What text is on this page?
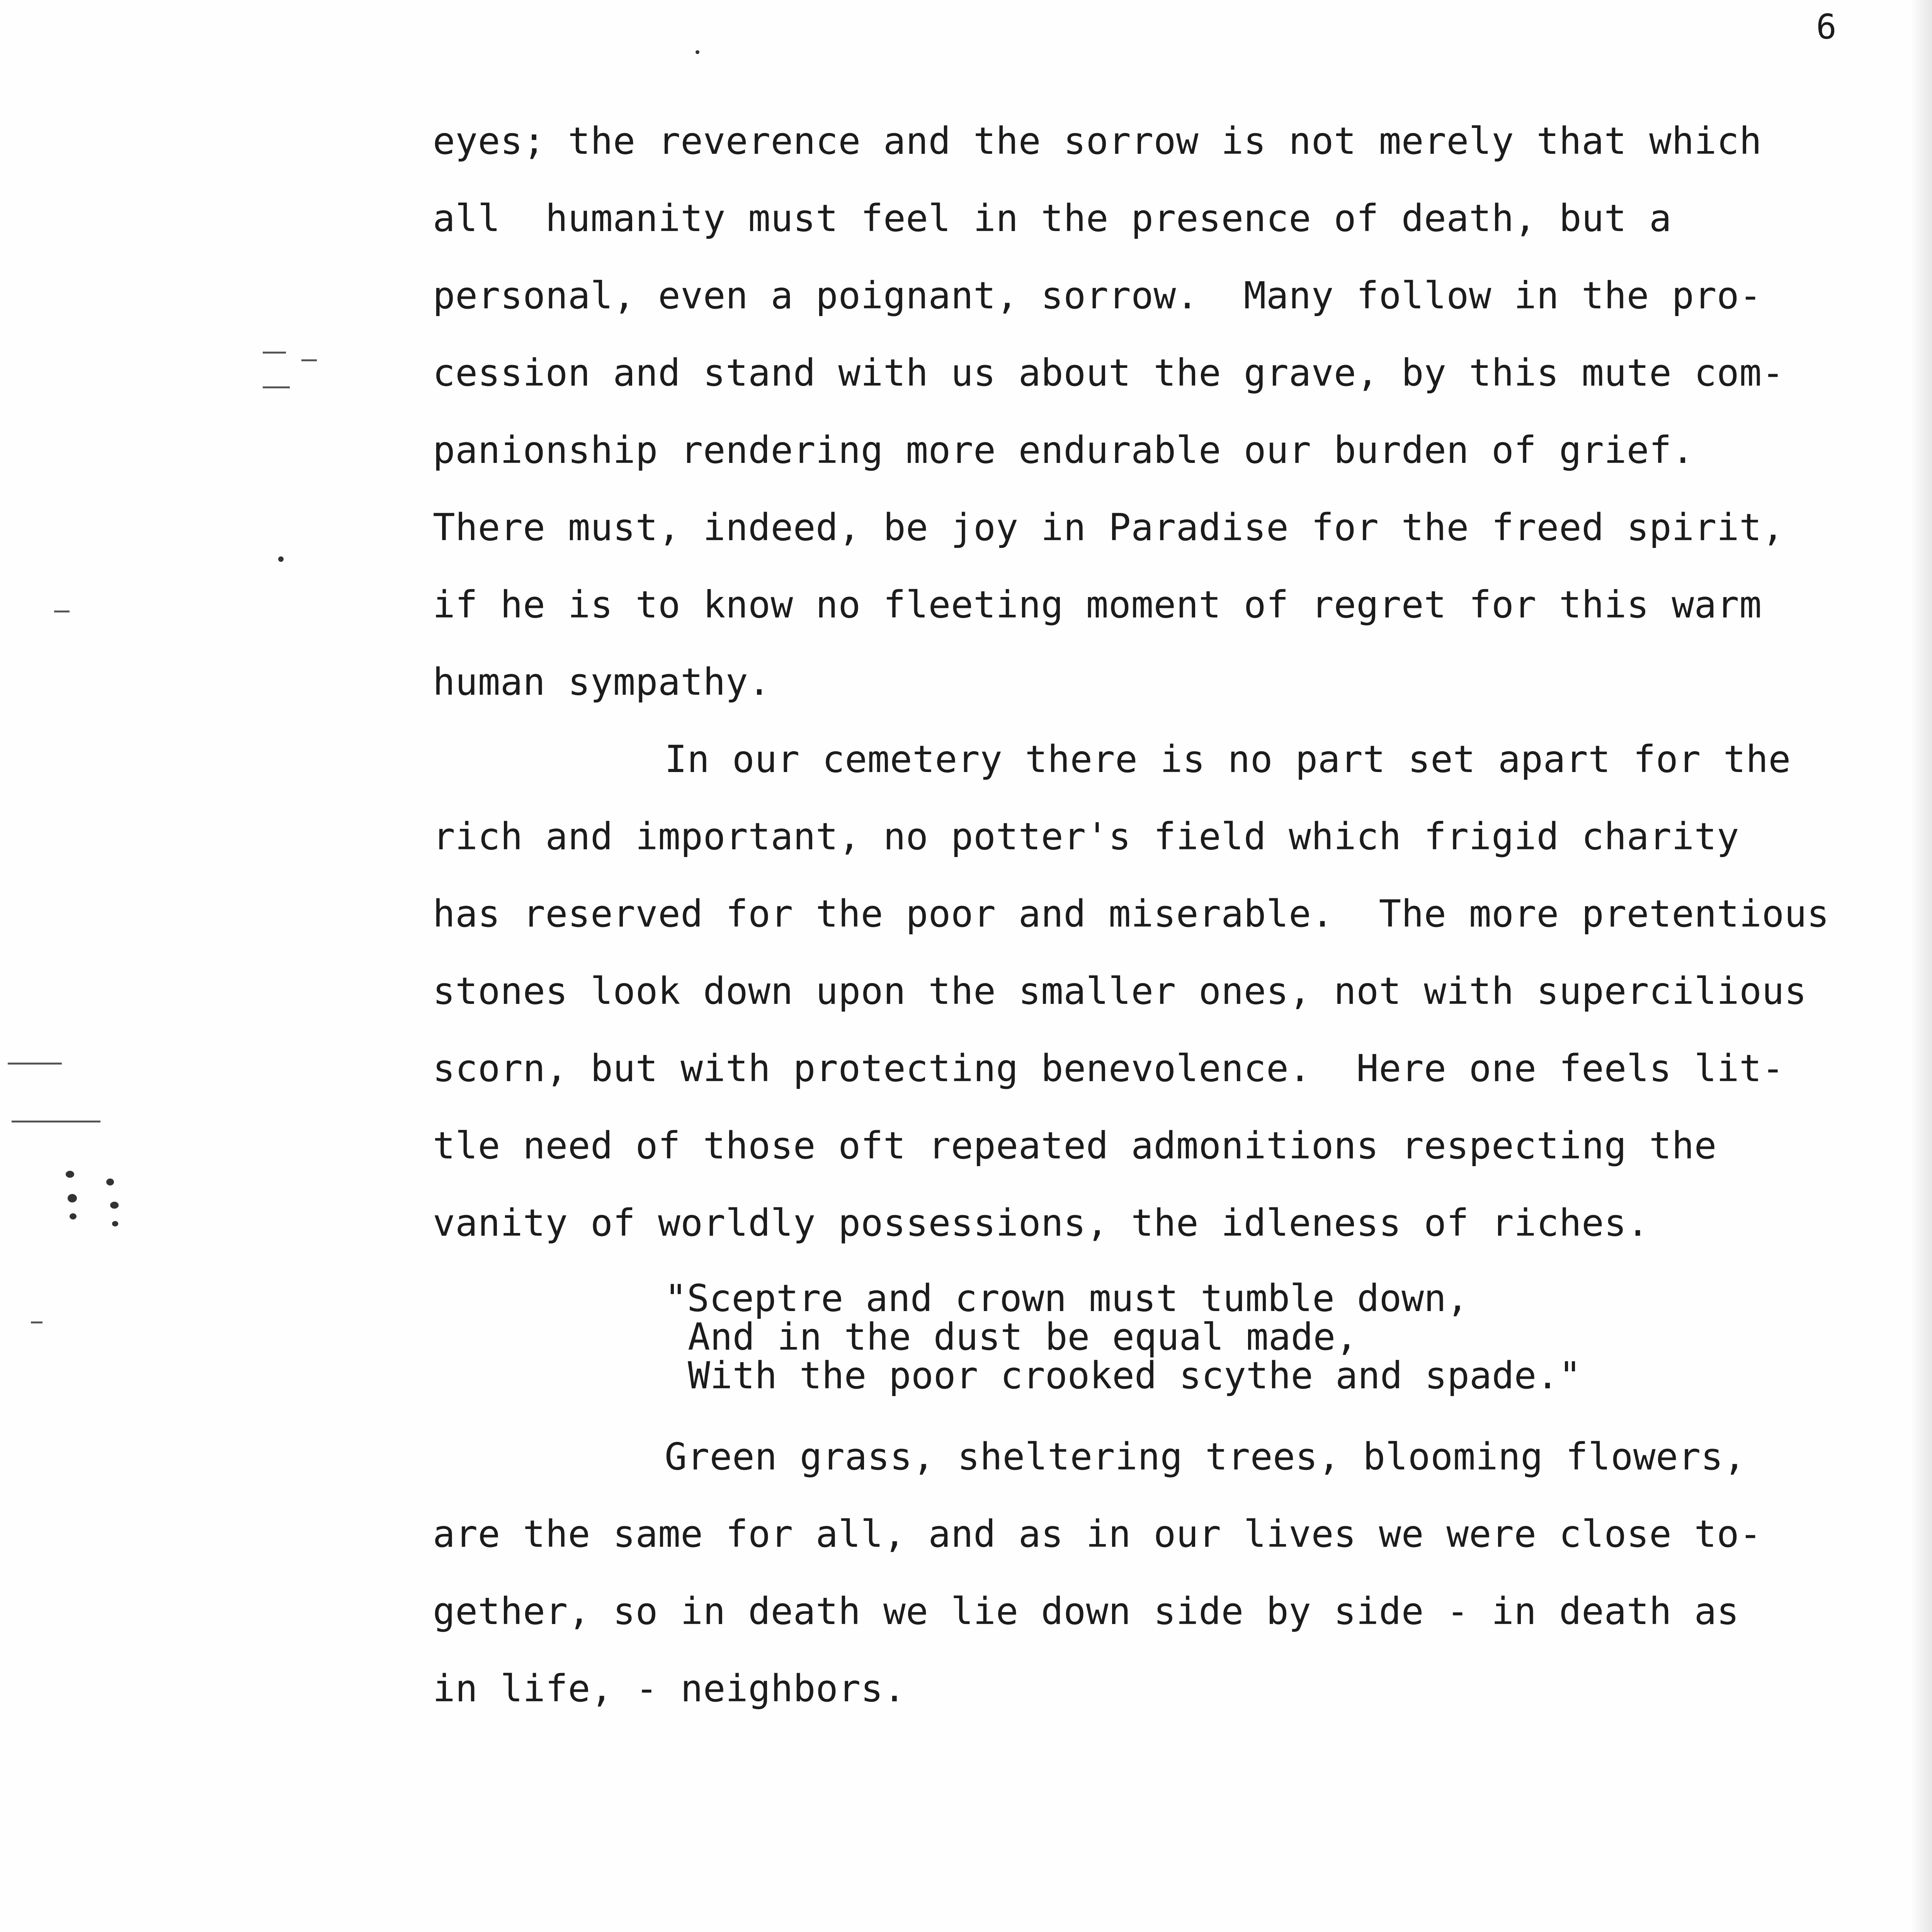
6
eyes; the reverence and the sorrow is not merely that which
all  humanity must feel in the presence of death, but a
personal, even a poignant, sorrow.  Many follow in the pro-
cession and stand with us about the grave, by this mute com-
panionship rendering more endurable our burden of grief.
There must, indeed, be joy in Paradise for the freed spirit,
if he is to know no fleeting moment of regret for this warm
human sympathy.
In our cemetery there is no part set apart for the
rich and important, no potter's field which frigid charity
has reserved for the poor and miserable.  The more pretentious
stones look down upon the smaller ones, not with supercilious
scorn, but with protecting benevolence.  Here one feels lit-
tle need of those oft repeated admonitions respecting the
vanity of worldly possessions, the idleness of riches.
"Sceptre and crown must tumble down,
And in the dust be equal made,
With the poor crooked scythe and spade."
Green grass, sheltering trees, blooming flowers,
are the same for all, and as in our lives we were close to-
gether, so in death we lie down side by side - in death as
in life, - neighbors.
